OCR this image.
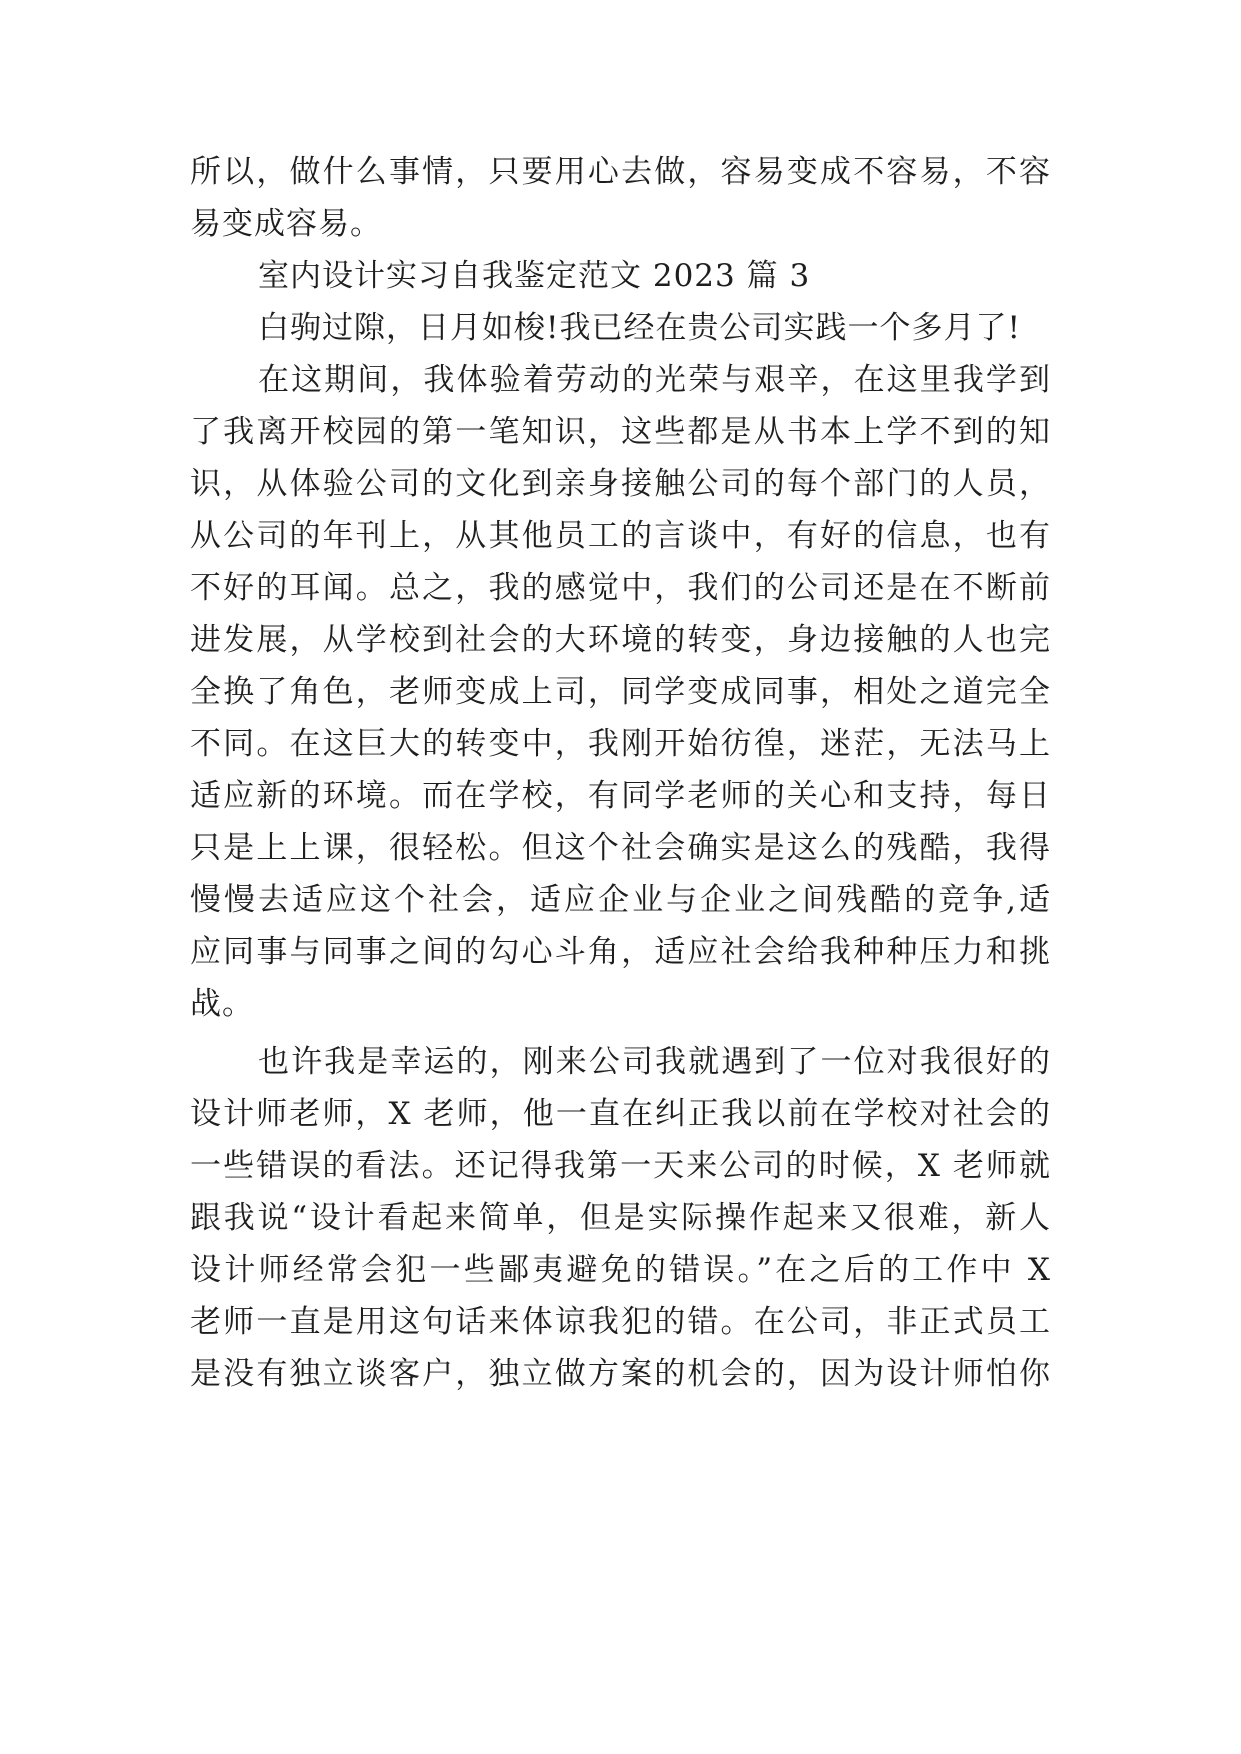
所以，做什么事情，只要用心去做，容易变成不容易，不容
易变成容易。
室内设计实习自我鉴定范文 2023 篇 3
白驹过隙，日月如梭!我已经在贵公司实践一个多月了!
在这期间，我体验着劳动的光荣与艰辛，在这里我学到
了我离开校园的第一笔知识，这些都是从书本上学不到的知
识，从体验公司的文化到亲身接触公司的每个部门的人员，
从公司的年刊上，从其他员工的言谈中，有好的信息，也有
不好的耳闻。总之，我的感觉中，我们的公司还是在不断前
进发展，从学校到社会的大环境的转变，身边接触的人也完
全换了角色，老师变成上司，同学变成同事，相处之道完全
不同。在这巨大的转变中，我刚开始彷徨，迷茫，无法马上
适应新的环境。而在学校，有同学老师的关心和支持，每日
只是上上课，很轻松。但这个社会确实是这么的残酷，我得
慢慢去适应这个社会，适应企业与企业之间残酷的竞争,适
应同事与同事之间的勾心斗角，适应社会给我种种压力和挑
战。
也许我是幸运的，刚来公司我就遇到了一位对我很好的
设计师老师，X 老师，他一直在纠正我以前在学校对社会的
一些错误的看法。还记得我第一天来公司的时候，X 老师就
跟我说“设计看起来简单，但是实际操作起来又很难，新人
设计师经常会犯一些鄙夷避免的错误。”在之后的工作中 X
老师一直是用这句话来体谅我犯的错。在公司，非正式员工
是没有独立谈客户，独立做方案的机会的，因为设计师怕你
